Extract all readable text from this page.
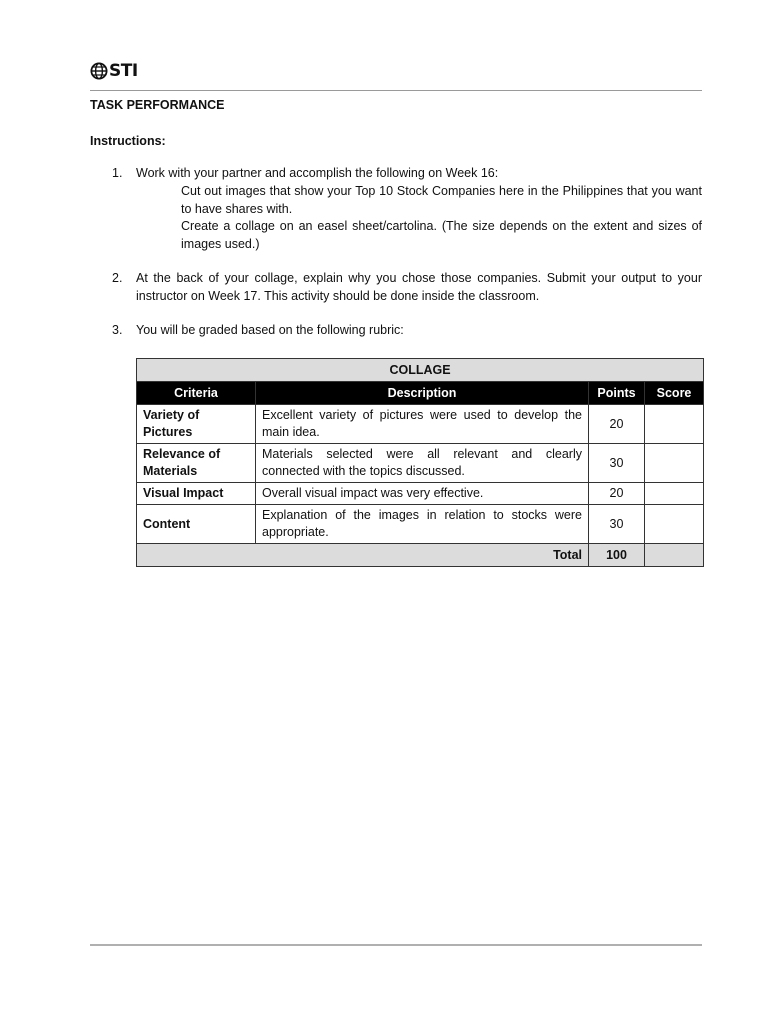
STI
TASK PERFORMANCE
Instructions:
1. Work with your partner and accomplish the following on Week 16:
Cut out images that show your Top 10 Stock Companies here in the Philippines that you want to have shares with.
Create a collage on an easel sheet/cartolina. (The size depends on the extent and sizes of images used.)
2. At the back of your collage, explain why you chose those companies. Submit your output to your instructor on Week 17. This activity should be done inside the classroom.
3. You will be graded based on the following rubric:
COLLAGE			
Criteria	Description	Points	Score
Variety of Pictures	Excellent variety of pictures were used to develop the main idea.	20	
Relevance of Materials	Materials selected were all relevant and clearly connected with the topics discussed.	30	
Visual Impact	Overall visual impact was very effective.	20	
Content	Explanation of the images in relation to stocks were appropriate.	30	
Total		100	
